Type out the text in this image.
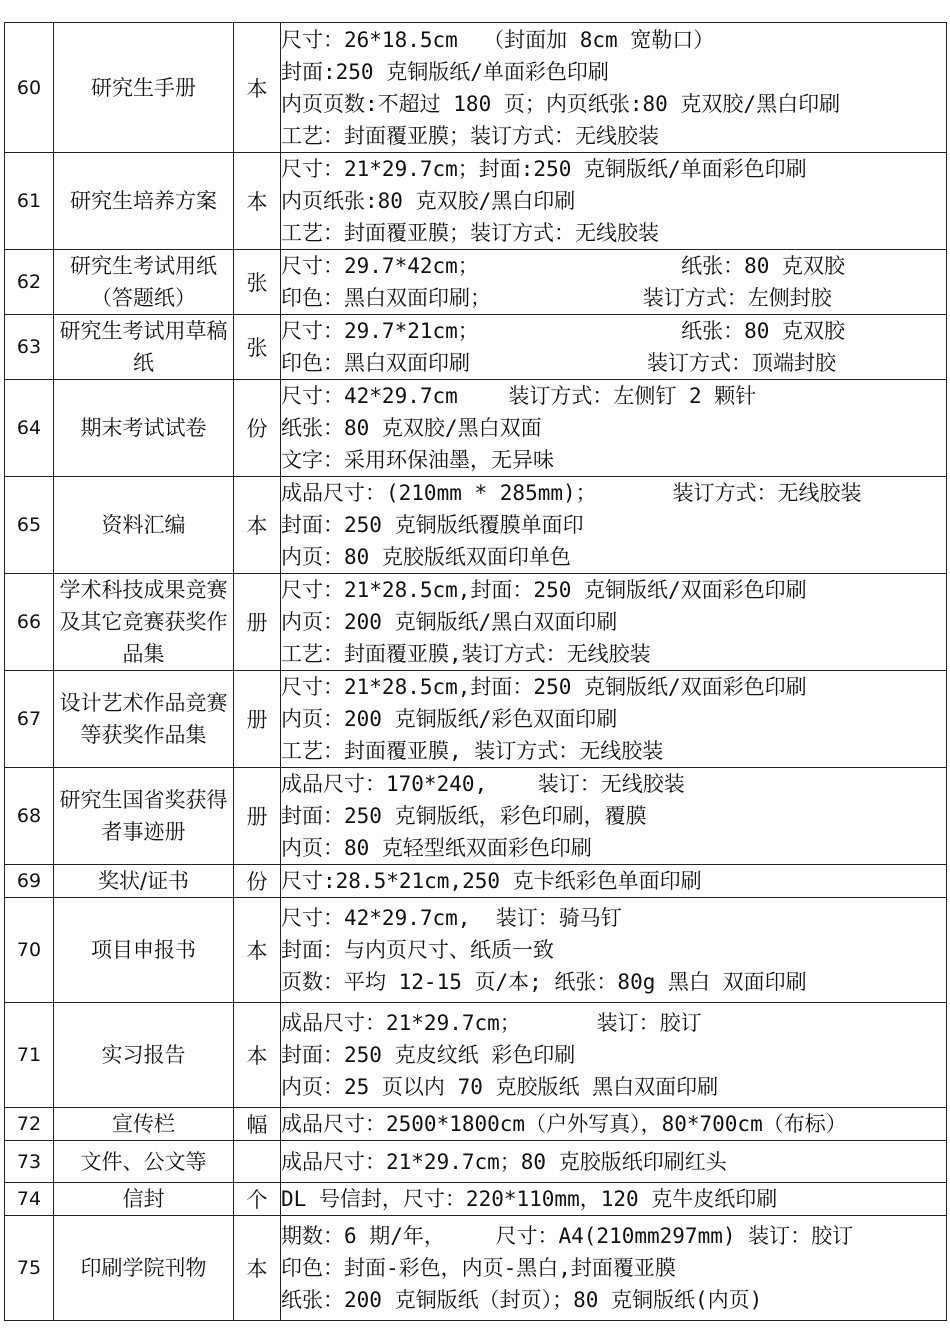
60	研究生手册	本	尺寸：26*18.5cm  （封面加 8cm 宽勒口）
封面:250 克铜版纸/单面彩色印刷
内页页数:不超过 180 页；内页纸张:80 克双胶/黑白印刷
工艺：封面覆亚膜；装订方式：无线胶装

61	研究生培养方案	本	尺寸：21*29.7cm；封面:250 克铜版纸/单面彩色印刷
内页纸张:80 克双胶/黑白印刷
工艺：封面覆亚膜；装订方式：无线胶装

62	研究生考试用纸（答题纸）	张	尺寸：29.7*42cm；                纸张：80 克双胶
印色：黑白双面印刷；            装订方式：左侧封胶

63	研究生考试用草稿纸	张	尺寸：29.7*21cm；                纸张：80 克双胶
印色：黑白双面印刷              装订方式：顶端封胶

64	期末考试试卷	份	尺寸：42*29.7cm    装订方式：左侧钉 2 颗针
纸张：80 克双胶/黑白双面
文字：采用环保油墨，无异味

65	资料汇编	本	成品尺寸：(210mm * 285mm)；      装订方式：无线胶装
封面：250 克铜版纸覆膜单面印
内页：80 克胶版纸双面印单色

66	学术科技成果竞赛及其它竞赛获奖作品集	册	尺寸：21*28.5cm,封面：250 克铜版纸/双面彩色印刷
内页：200 克铜版纸/黑白双面印刷
工艺：封面覆亚膜,装订方式：无线胶装

67	设计艺术作品竞赛等获奖作品集	册	尺寸：21*28.5cm,封面：250 克铜版纸/双面彩色印刷
内页：200 克铜版纸/彩色双面印刷
工艺：封面覆亚膜, 装订方式：无线胶装

68	研究生国省奖获得者事迹册	册	成品尺寸：170*240,    装订：无线胶装
封面：250 克铜版纸，彩色印刷，覆膜
内页：80 克轻型纸双面彩色印刷

69	奖状/证书	份	尺寸:28.5*21cm,250 克卡纸彩色单面印刷

70	项目申报书	本	尺寸：42*29.7cm,  装订：骑马钉
封面：与内页尺寸、纸质一致
页数：平均 12-15 页/本; 纸张：80g 黑白 双面印刷

71	实习报告	本	成品尺寸：21*29.7cm；      装订：胶订
封面：250 克皮纹纸 彩色印刷
内页：25 页以内 70 克胶版纸 黑白双面印刷

72	宣传栏	幅	成品尺寸：2500*1800cm（户外写真），80*700cm（布标）

73	文件、公文等		成品尺寸：21*29.7cm；80 克胶版纸印刷红头

74	信封	个	DL 号信封，尺寸：220*110mm，120 克牛皮纸印刷

75	印刷学院刊物	本	期数：6 期/年，    尺寸：A4(210mm297mm) 装订：胶订
印色：封面-彩色，内页-黑白,封面覆亚膜
纸张：200 克铜版纸（封页）；80 克铜版纸(内页)
